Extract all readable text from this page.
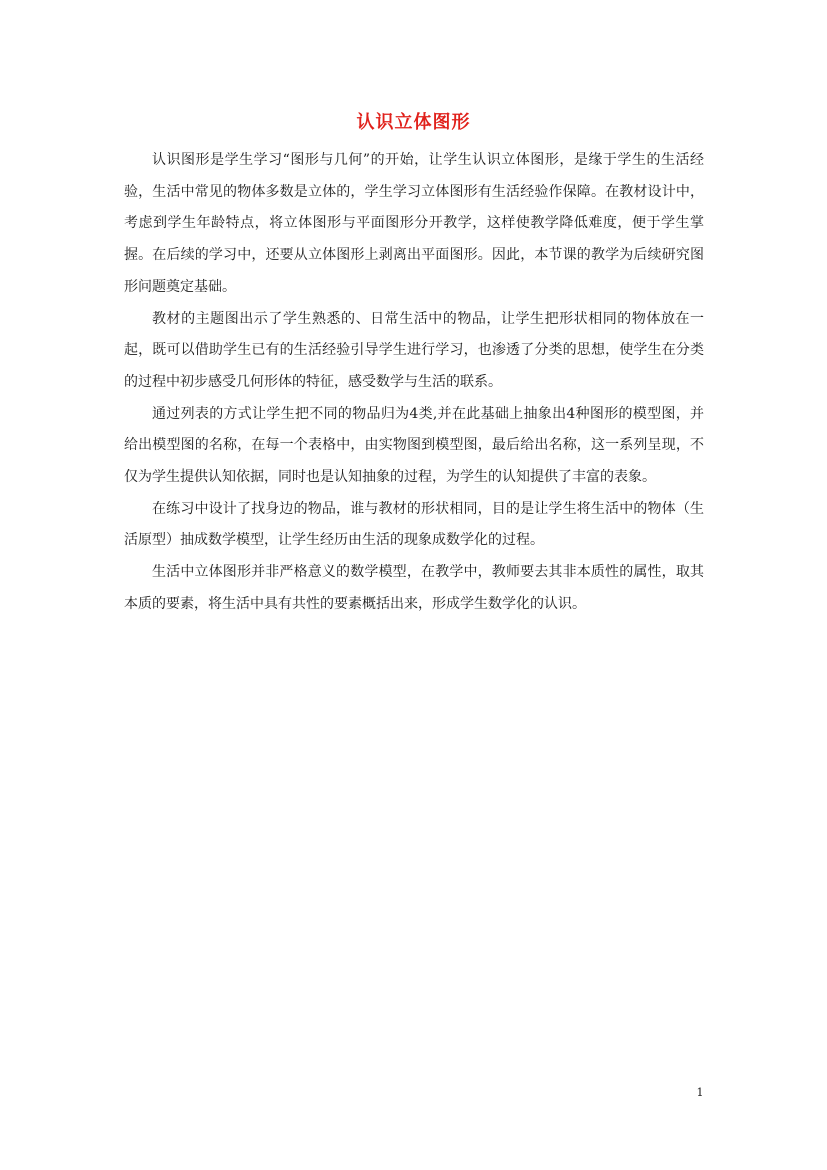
认识立体图形

认识图形是学生学习“图形与几何”的开始，让学生认识立体图形，是缘于学生的生活经验，生活中常见的物体多数是立体的，学生学习立体图形有生活经验作保障。在教材设计中，考虑到学生年龄特点，将立体图形与平面图形分开教学，这样使教学降低难度，便于学生掌握。在后续的学习中，还要从立体图形上剥离出平面图形。因此，本节课的教学为后续研究图形问题奠定基础。

教材的主题图出示了学生熟悉的、日常生活中的物品，让学生把形状相同的物体放在一起，既可以借助学生已有的生活经验引导学生进行学习，也渗透了分类的思想，使学生在分类的过程中初步感受几何形体的特征，感受数学与生活的联系。

通过列表的方式让学生把不同的物品归为4类,并在此基础上抽象出4种图形的模型图，并给出模型图的名称，在每一个表格中，由实物图到模型图，最后给出名称，这一系列呈现，不仅为学生提供认知依据，同时也是认知抽象的过程，为学生的认知提供了丰富的表象。

在练习中设计了找身边的物品，谁与教材的形状相同，目的是让学生将生活中的物体（生活原型）抽成数学模型，让学生经历由生活的现象成数学化的过程。

生活中立体图形并非严格意义的数学模型，在教学中，教师要去其非本质性的属性，取其本质的要素，将生活中具有共性的要素概括出来，形成学生数学化的认识。

1
